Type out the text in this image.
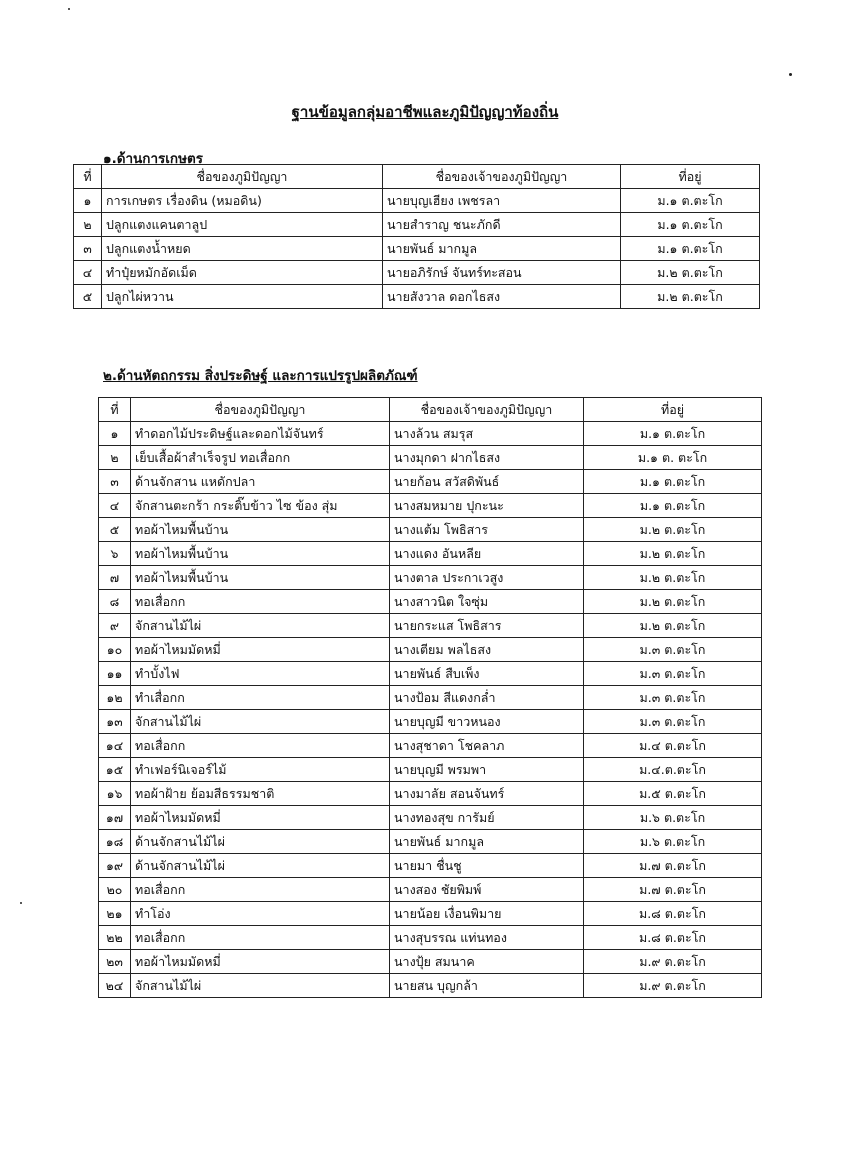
ฐานข้อมูลกลุ่มอาชีพและภูมิปัญญาท้องถิ่น
๑.ด้านการเกษตร
ที่	ชื่อของภูมิปัญญา	ชื่อของเจ้าของภูมิปัญญา	ที่อยู่
๑	การเกษตร เรื่องดิน (หมอดิน)	นายบุญเฮียง เพชรลา	ม.๑ ต.ตะโก
๒	ปลูกแตงแคนตาลูป	นายสำราญ ชนะภักดี	ม.๑ ต.ตะโก
๓	ปลูกแตงน้ำหยด	นายพันธ์ มากมูล	ม.๑ ต.ตะโก
๔	ทำปุ๋ยหมักอัดเม็ด	นายอภิรักษ์ จันทร์ทะสอน	ม.๒ ต.ตะโก
๕	ปลูกไผ่หวาน	นายสังวาล ดอกไธสง	ม.๒ ต.ตะโก
๒.ด้านหัตถกรรม สิ่งประดิษฐ์ และการแปรรูปผลิตภัณฑ์
ที่	ชื่อของภูมิปัญญา	ชื่อของเจ้าของภูมิปัญญา	ที่อยู่
๑	ทำดอกไม้ประดิษฐ์และดอกไม้จันทร์	นางล้วน สมรุส	ม.๑ ต.ตะโก
๒	เย็บเสื้อผ้าสำเร็จรูป ทอเสื่อกก	นางมุกดา ฝากไธสง	ม.๑ ต. ตะโก
๓	ด้านจักสาน แหดักปลา	นายก้อน สวัสดิพันธ์	ม.๑ ต.ตะโก
๔	จักสานตะกร้า กระติ๊บข้าว ไซ ข้อง สุ่ม	นางสมหมาย ปุกะนะ	ม.๑ ต.ตะโก
๕	ทอผ้าไหมพื้นบ้าน	นางแต้ม โพธิสาร	ม.๒ ต.ตะโก
๖	ทอผ้าไหมพื้นบ้าน	นางแดง อันหลีย	ม.๒ ต.ตะโก
๗	ทอผ้าไหมพื้นบ้าน	นางตาล ประกาเวสูง	ม.๒ ต.ตะโก
๘	ทอเสื่อกก	นางสาวนิต ใจซุ่ม	ม.๒ ต.ตะโก
๙	จักสานไม้ไผ่	นายกระแส โพธิสาร	ม.๒ ต.ตะโก
๑๐	ทอผ้าไหมมัดหมี่	นางเตียม พลไธสง	ม.๓ ต.ตะโก
๑๑	ทำบั้งไฟ	นายพันธ์ สืบเพ็ง	ม.๓ ต.ตะโก
๑๒	ทำเสื่อกก	นางป้อม สีแดงกล่ำ	ม.๓ ต.ตะโก
๑๓	จักสานไม้ไผ่	นายบุญมี ขาวหนอง	ม.๓ ต.ตะโก
๑๔	ทอเสื่อกก	นางสุชาดา โชคลาภ	ม.๔ ต.ตะโก
๑๕	ทำเฟอร์นิเจอร์ไม้	นายบุญมี พรมพา	ม.๔.ต.ตะโก
๑๖	ทอผ้าฝ้าย ย้อมสีธรรมชาติ	นางมาลัย สอนจันทร์	ม.๕ ต.ตะโก
๑๗	ทอผ้าไหมมัดหมี่	นางทองสุข การัมย์	ม.๖ ต.ตะโก
๑๘	ด้านจักสานไม้ไผ่	นายพันธ์ มากมูล	ม.๖ ต.ตะโก
๑๙	ด้านจักสานไม้ไผ่	นายมา ชื่นชู	ม.๗ ต.ตะโก
๒๐	ทอเสื่อกก	นางสอง ชัยพิมพ์	ม.๗ ต.ตะโก
๒๑	ทำโอ่ง	นายน้อย เงื่อนพิมาย	ม.๘ ต.ตะโก
๒๒	ทอเสื่อกก	นางสุบรรณ แท่นทอง	ม.๘ ต.ตะโก
๒๓	ทอผ้าไหมมัดหมี่	นางปุ้ย สมนาค	ม.๙ ต.ตะโก
๒๔	จักสานไม้ไผ่	นายสน บุญกล้า	ม.๙ ต.ตะโก
